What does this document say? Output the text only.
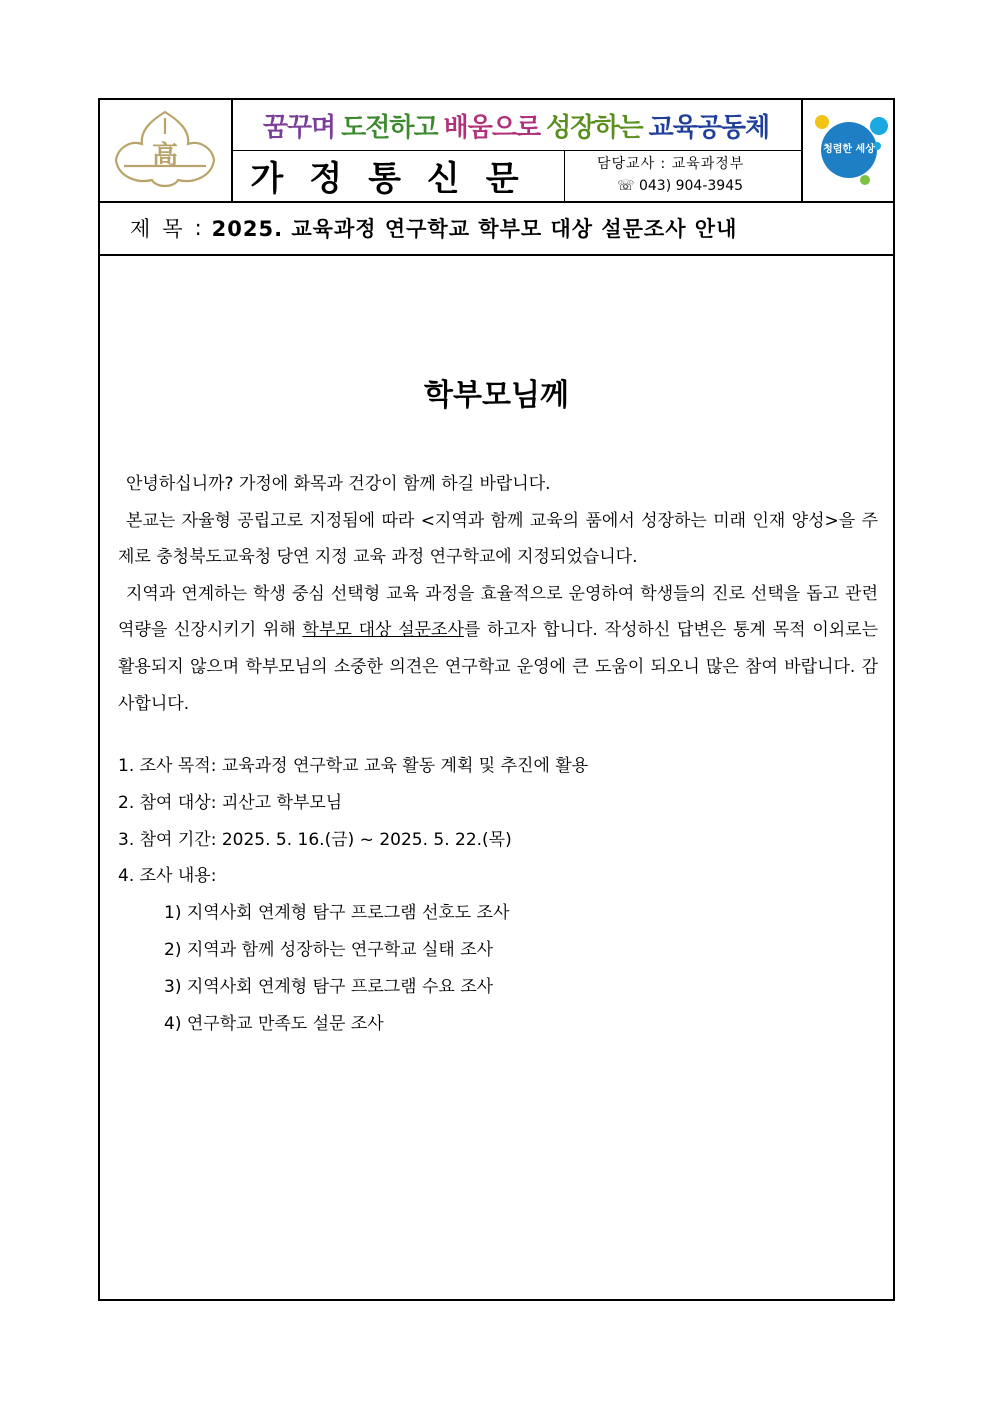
高
꿈꾸며 도전하고 배움으로 성장하는 교육공동체
가정통신문	담당교사 : 교육과정부
☏ 043) 904-3945
청렴한 세상
제목 : 2025. 교육과정 연구학교 학부모 대상 설문조사 안내
학부모님께

안녕하십니까? 가정에 화목과 건강이 함께 하길 바랍니다.

본교는 자율형 공립고로 지정됨에 따라 <지역과 함께 교육의 품에서 성장하는 미래 인재 양성>을 주제로 충청북도교육청 당연 지정 교육 과정 연구학교에 지정되었습니다.

지역과 연계하는 학생 중심 선택형 교육 과정을 효율적으로 운영하여 학생들의 진로 선택을 돕고 관련 역량을 신장시키기 위해 학부모 대상 설문조사를 하고자 합니다. 작성하신 답변은 통계 목적 이외로는 활용되지 않으며 학부모님의 소중한 의견은 연구학교 운영에 큰 도움이 되오니 많은 참여 바랍니다. 감사합니다.

1. 조사 목적: 교육과정 연구학교 교육 활동 계획 및 추진에 활용
2. 참여 대상: 괴산고 학부모님
3. 참여 기간: 2025. 5. 16.(금) ~ 2025. 5. 22.(목)
4. 조사 내용:
1) 지역사회 연계형 탐구 프로그램 선호도 조사
2) 지역과 함께 성장하는 연구학교 실태 조사
3) 지역사회 연계형 탐구 프로그램 수요 조사
4) 연구학교 만족도 설문 조사
